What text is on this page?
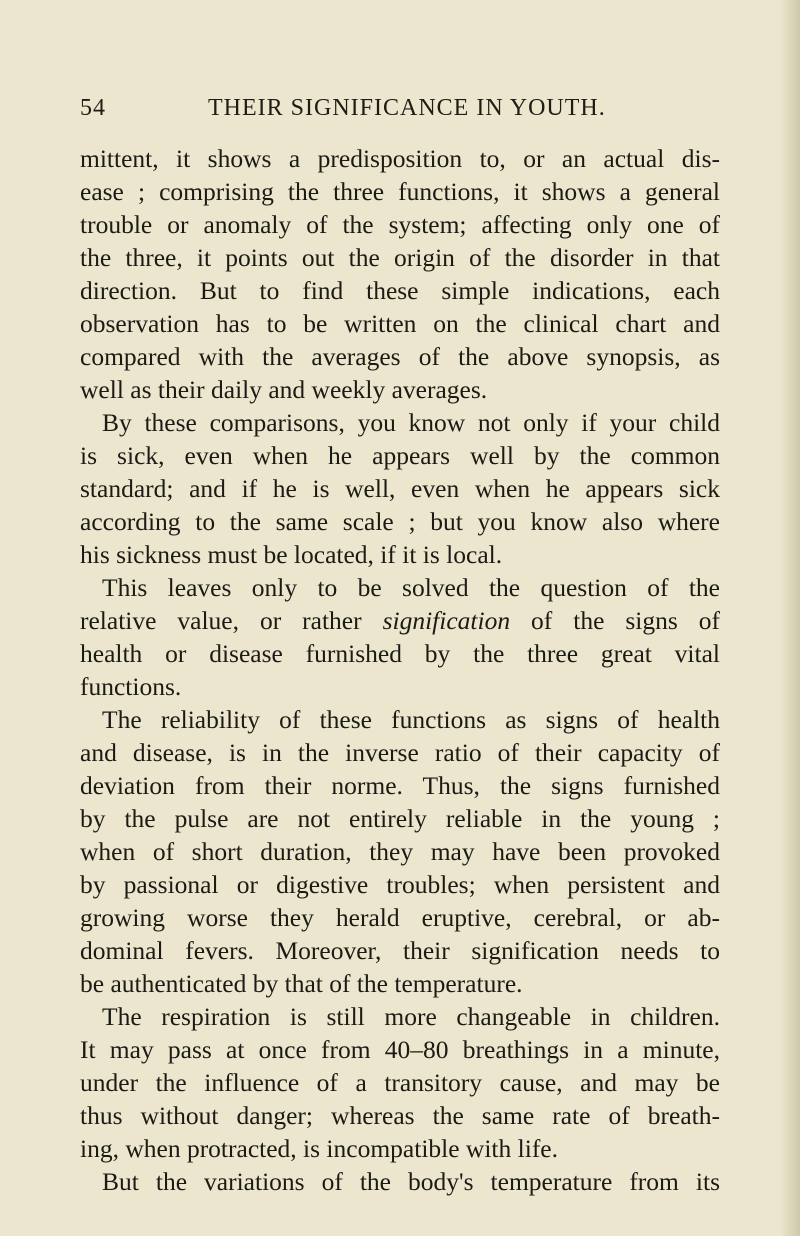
54	THEIR SIGNIFICANCE IN YOUTH.
mittent, it shows a predisposition to, or an actual dis-
ease ; comprising the three functions, it shows a general
trouble or anomaly of the system; affecting only one of
the three, it points out the origin of the disorder in that
direction. But to find these simple indications, each
observation has to be written on the clinical chart and
compared with the averages of the above synopsis, as
well as their daily and weekly averages.
By these comparisons, you know not only if your child
is sick, even when he appears well by the common
standard; and if he is well, even when he appears sick
according to the same scale ; but you know also where
his sickness must be located, if it is local.
This leaves only to be solved the question of the
relative value, or rather signification of the signs of
health or disease furnished by the three great vital
functions.
The reliability of these functions as signs of health
and disease, is in the inverse ratio of their capacity of
deviation from their norme. Thus, the signs furnished
by the pulse are not entirely reliable in the young ;
when of short duration, they may have been provoked
by passional or digestive troubles; when persistent and
growing worse they herald eruptive, cerebral, or ab-
dominal fevers. Moreover, their signification needs to
be authenticated by that of the temperature.
The respiration is still more changeable in children.
It may pass at once from 40–80 breathings in a minute,
under the influence of a transitory cause, and may be
thus without danger; whereas the same rate of breath-
ing, when protracted, is incompatible with life.
But the variations of the body's temperature from its
